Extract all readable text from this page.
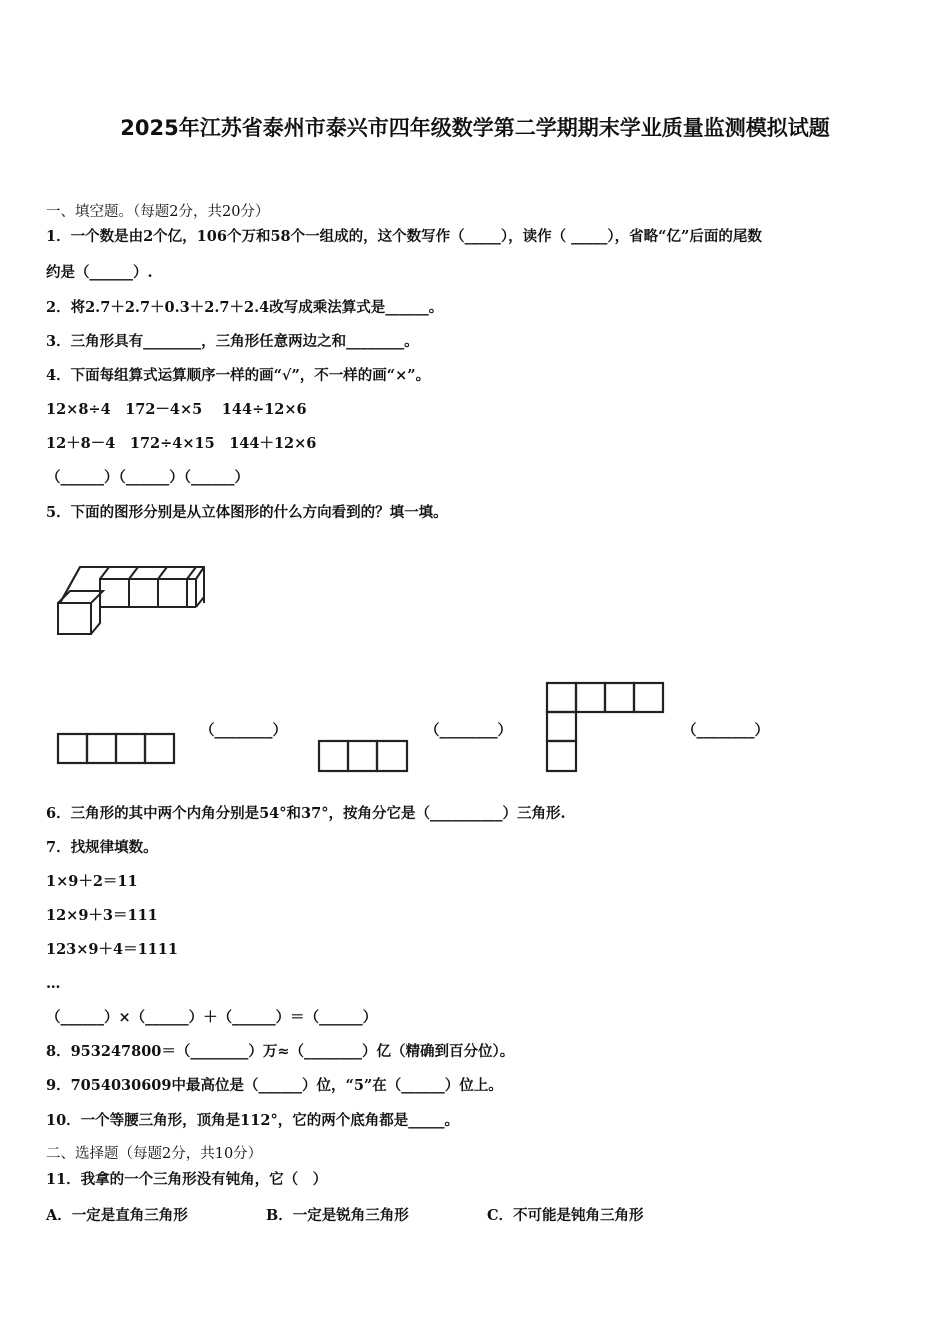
2025年江苏省泰州市泰兴市四年级数学第二学期期末学业质量监测模拟试题
一、填空题。（每题2分，共20分）
1．一个数是由2个亿，106个万和58个一组成的，这个数写作（_____），读作（ _____），省略“亿”后面的尾数
约是（______）.
2．将2.7＋2.7＋0.3＋2.7＋2.4改写成乘法算式是______。
3．三角形具有________，三角形任意两边之和________。
4．下面每组算式运算顺序一样的画“√”，不一样的画“×”。
12×8÷4　172－4×5　 144÷12×6
12＋8－4　172÷4×15　144＋12×6
（______）（______）（______）
5．下面的图形分别是从立体图形的什么方向看到的？填一填。
（________）	（________）	（________）
6．三角形的其中两个内角分别是54°和37°，按角分它是（__________）三角形.
7．找规律填数。
1×9＋2＝11
12×9＋3＝111
123×9＋4＝1111
…
（______）×（______）＋（______）＝（______）
8．953247800＝（________）万≈（________）亿（精确到百分位）。
9．7054030609中最高位是（______）位，“5”在（______）位上。
10．一个等腰三角形，顶角是112°，它的两个底角都是_____。
二、选择题（每题2分，共10分）
11．我拿的一个三角形没有钝角，它（　）
A．一定是直角三角形	B．一定是锐角三角形	C．不可能是钝角三角形
